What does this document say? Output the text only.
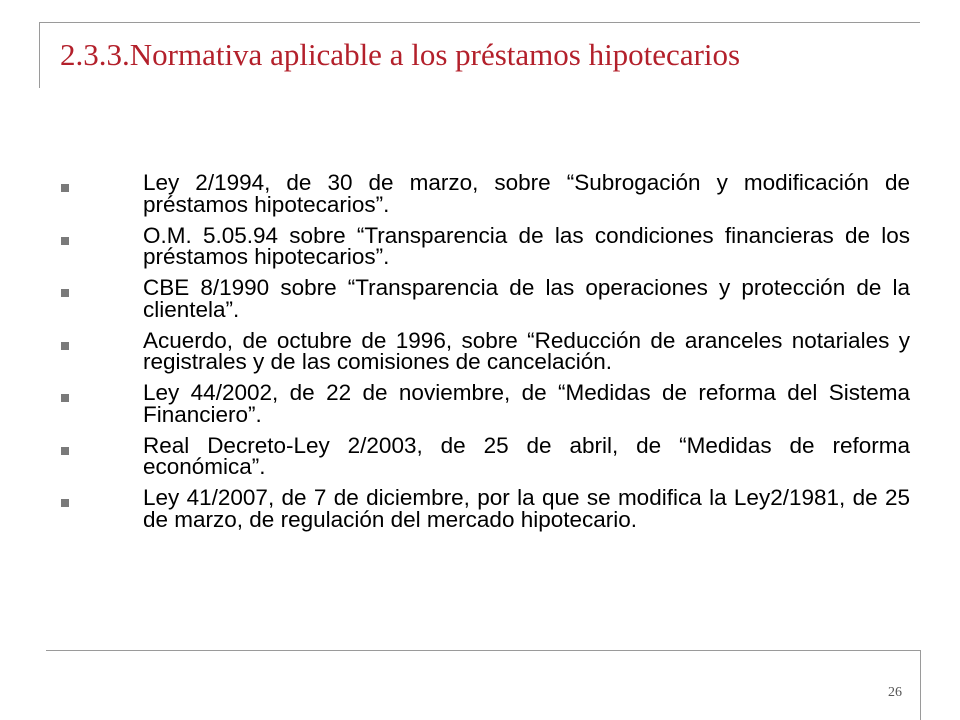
2.3.3.Normativa aplicable a los préstamos hipotecarios
Ley 2/1994, de 30 de marzo, sobre “Subrogación y modificación de préstamos hipotecarios”.
O.M. 5.05.94 sobre “Transparencia de las condiciones financieras de los préstamos hipotecarios”.
CBE 8/1990 sobre “Transparencia de las operaciones y protección de la clientela”.
Acuerdo, de octubre de 1996, sobre “Reducción de aranceles notariales y registrales y de las comisiones de cancelación.
Ley 44/2002, de 22 de noviembre, de “Medidas de reforma del Sistema Financiero”.
Real Decreto-Ley 2/2003, de 25 de abril, de “Medidas de reforma económica”.
Ley 41/2007, de 7 de diciembre, por la que se modifica la Ley2/1981, de 25 de marzo, de regulación del mercado hipotecario.
26
